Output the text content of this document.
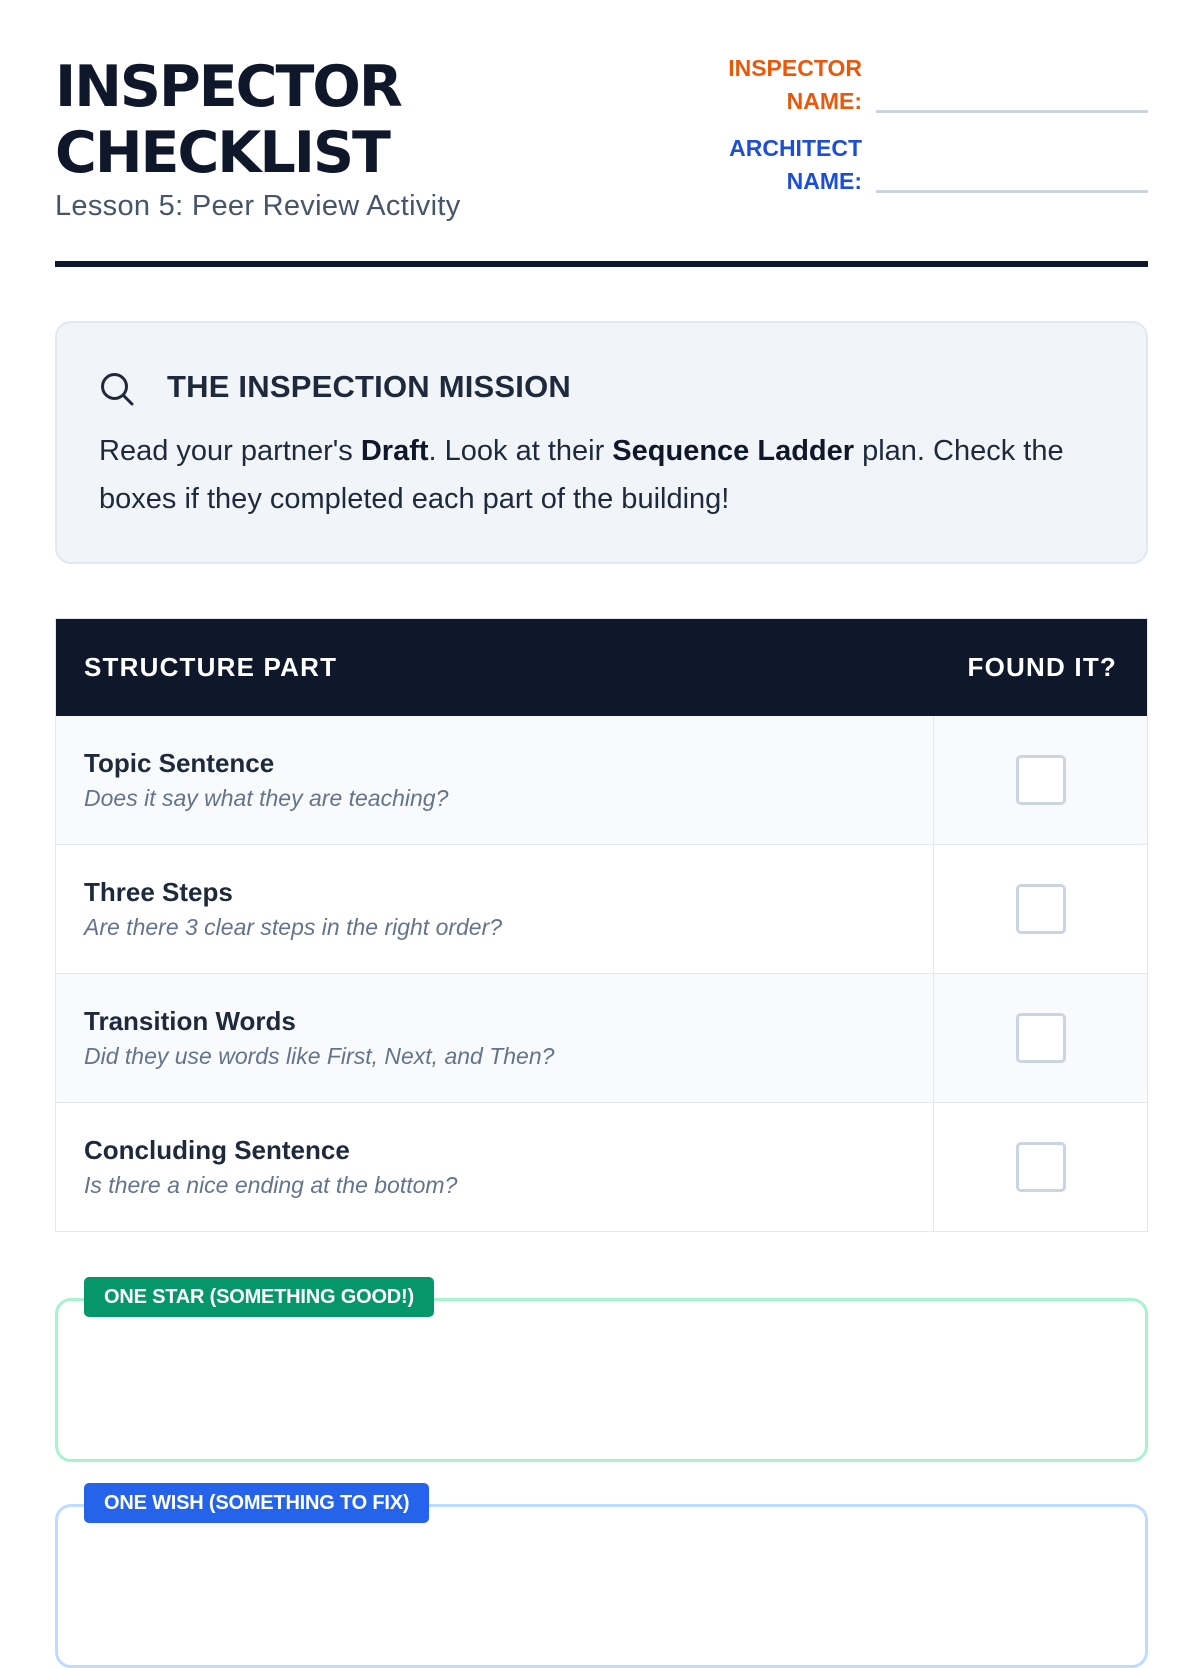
INSPECTOR
CHECKLIST
Lesson 5: Peer Review Activity
INSPECTOR
NAME:
ARCHITECT
NAME:
THE INSPECTION MISSION
Read your partner's Draft. Look at their Sequence Ladder plan. Check the boxes if they completed each part of the building!
STRUCTURE PART	FOUND IT?
Topic Sentence
Does it say what they are teaching?
Three Steps
Are there 3 clear steps in the right order?
Transition Words
Did they use words like First, Next, and Then?
Concluding Sentence
Is there a nice ending at the bottom?
ONE STAR (SOMETHING GOOD!)
ONE WISH (SOMETHING TO FIX)
